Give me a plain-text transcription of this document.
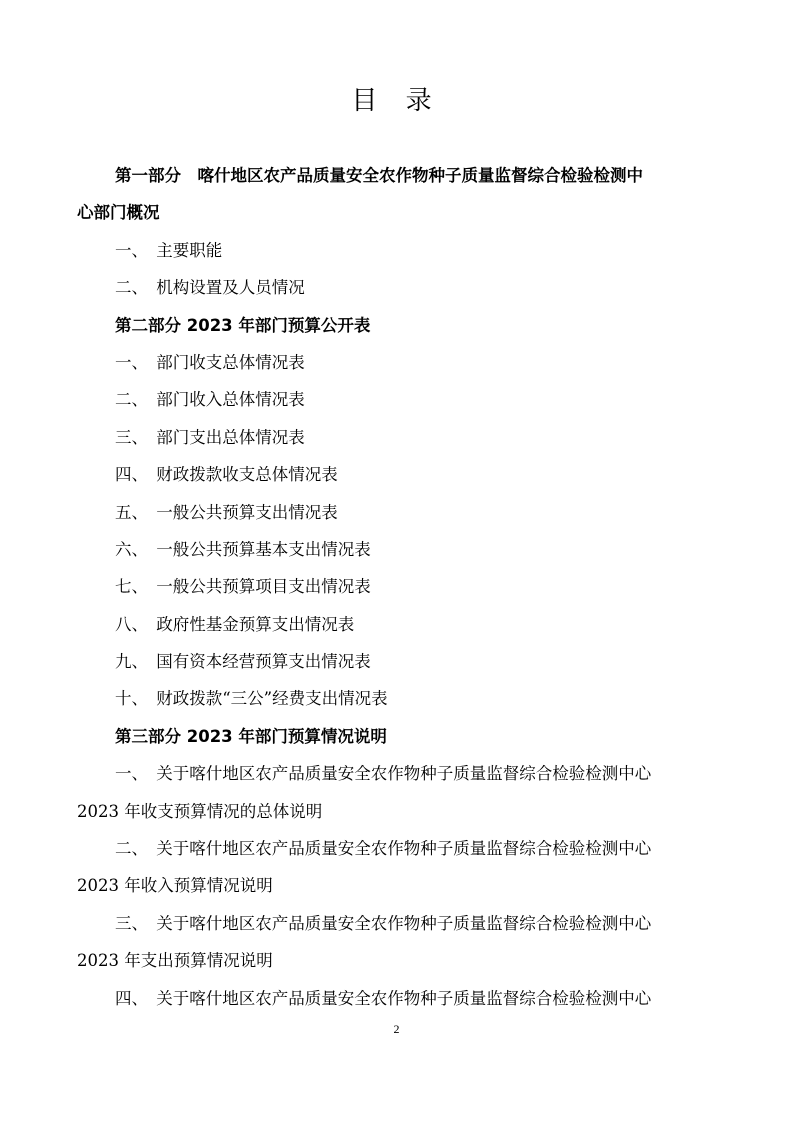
目 录
第一部分　喀什地区农产品质量安全农作物种子质量监督综合检验检测中
心部门概况
一、　主要职能
二、　机构设置及人员情况
第二部分 2023 年部门预算公开表
一、　部门收支总体情况表
二、　部门收入总体情况表
三、　部门支出总体情况表
四、　财政拨款收支总体情况表
五、　一般公共预算支出情况表
六、　一般公共预算基本支出情况表
七、　一般公共预算项目支出情况表
八、　政府性基金预算支出情况表
九、　国有资本经营预算支出情况表
十、　财政拨款“三公”经费支出情况表
第三部分 2023 年部门预算情况说明
一、　关于喀什地区农产品质量安全农作物种子质量监督综合检验检测中心
2023 年收支预算情况的总体说明
二、　关于喀什地区农产品质量安全农作物种子质量监督综合检验检测中心
2023 年收入预算情况说明
三、　关于喀什地区农产品质量安全农作物种子质量监督综合检验检测中心
2023 年支出预算情况说明
四、　关于喀什地区农产品质量安全农作物种子质量监督综合检验检测中心
2
